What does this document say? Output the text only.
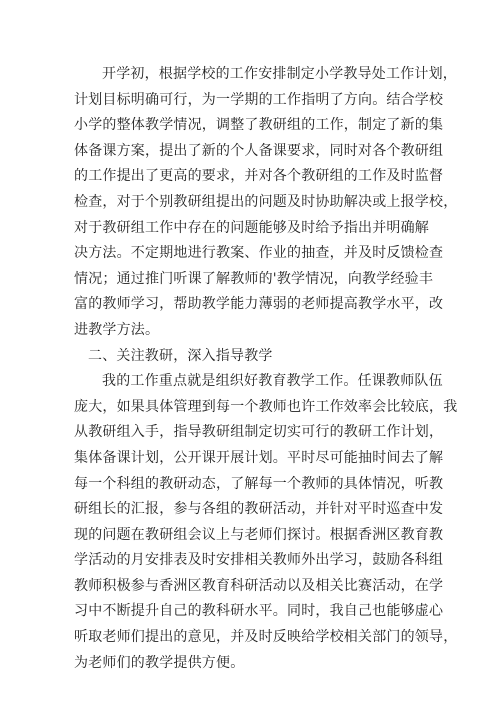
开学初，根据学校的工作安排制定小学教导处工作计划，
计划目标明确可行，为一学期的工作指明了方向。结合学校
小学的整体教学情况，调整了教研组的工作，制定了新的集
体备课方案，提出了新的个人备课要求，同时对各个教研组
的工作提出了更高的要求，并对各个教研组的工作及时监督
检查，对于个别教研组提出的问题及时协助解决或上报学校，
对于教研组工作中存在的问题能够及时给予指出并明确解
决方法。不定期地进行教案、作业的抽查，并及时反馈检查
情况；通过推门听课了解教师的'教学情况，向教学经验丰
富的教师学习，帮助教学能力薄弱的老师提高教学水平，改
进教学方法。
二、关注教研，深入指导教学
我的工作重点就是组织好教育教学工作。任课教师队伍
庞大，如果具体管理到每一个教师也许工作效率会比较底，我
从教研组入手，指导教研组制定切实可行的教研工作计划，
集体备课计划，公开课开展计划。平时尽可能抽时间去了解
每一个科组的教研动态，了解每一个教师的具体情况，听教
研组长的汇报，参与各组的教研活动，并针对平时巡查中发
现的问题在教研组会议上与老师们探讨。根据香洲区教育教
学活动的月安排表及时安排相关教师外出学习，鼓励各科组
教师积极参与香洲区教育科研活动以及相关比赛活动，在学
习中不断提升自己的教科研水平。同时，我自己也能够虚心
听取老师们提出的意见，并及时反映给学校相关部门的领导，
为老师们的教学提供方便。
